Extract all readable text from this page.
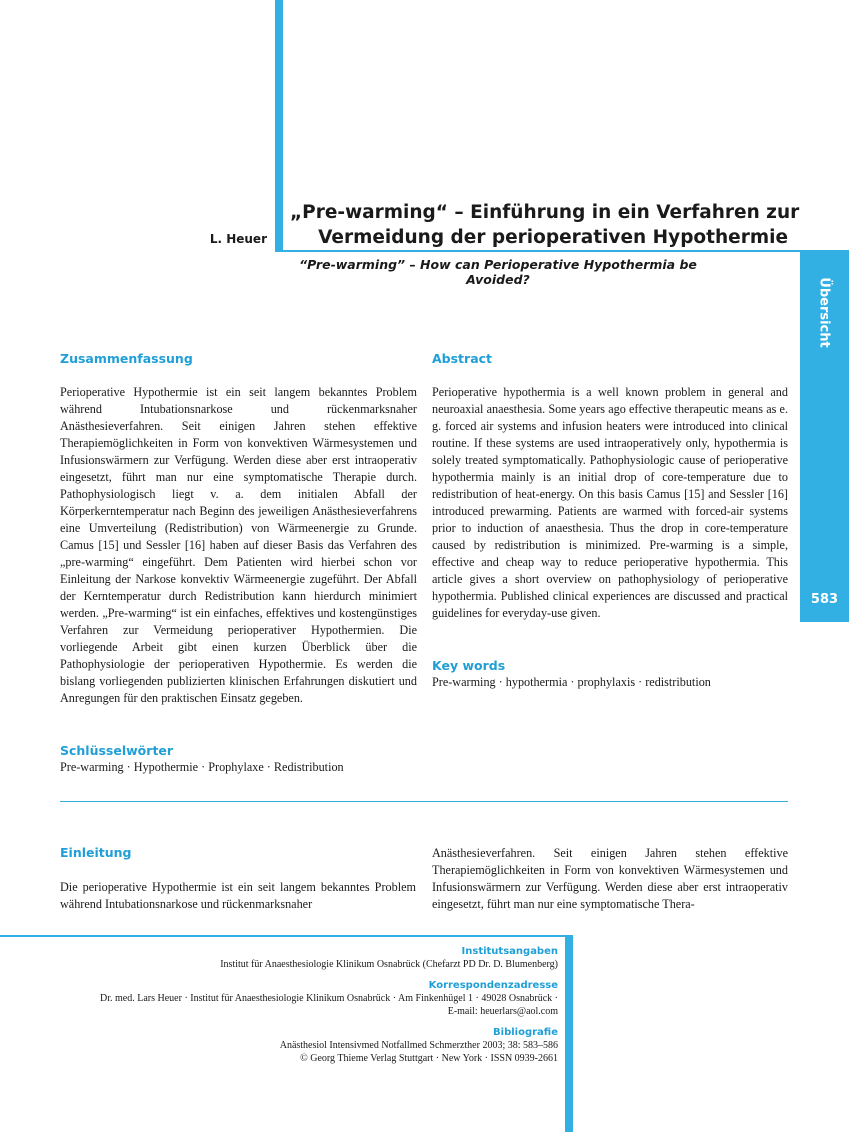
Übersicht
583
L. Heuer
„Pre-warming“ – Einführung in ein Verfahren zur
Vermeidung der perioperativen Hypothermie
“Pre-warming” – How can Perioperative Hypothermia be Avoided?
Zusammenfassung
Perioperative Hypothermie ist ein seit langem bekanntes Problem während Intubationsnarkose und rückenmarksnaher Anästhesieverfahren. Seit einigen Jahren stehen effektive Therapiemöglichkeiten in Form von konvektiven Wärmesystemen und Infusionswärmern zur Verfügung. Werden diese aber erst intraoperativ eingesetzt, führt man nur eine symptomatische Therapie durch. Pathophysiologisch liegt v. a. dem initialen Abfall der Körperkerntemperatur nach Beginn des jeweiligen Anästhesieverfahrens eine Umverteilung (Redistribution) von Wärmeenergie zu Grunde. Camus [15] und Sessler [16] haben auf dieser Basis das Verfahren des „pre-warming“ eingeführt. Dem Patienten wird hierbei schon vor Einleitung der Narkose konvektiv Wärmeenergie zugeführt. Der Abfall der Kerntemperatur durch Redistribution kann hierdurch minimiert werden. „Pre-warming“ ist ein einfaches, effektives und kostengünstiges Verfahren zur Vermeidung perioperativer Hypothermien. Die vorliegende Arbeit gibt einen kurzen Überblick über die Pathophysiologie der perioperativen Hypothermie. Es werden die bislang vorliegenden publizierten klinischen Erfahrungen diskutiert und Anregungen für den praktischen Einsatz gegeben.
Schlüsselwörter
Pre-warming · Hypothermie · Prophylaxe · Redistribution
Abstract
Perioperative hypothermia is a well known problem in general and neuroaxial anaesthesia. Some years ago effective therapeutic means as e. g. forced air systems and infusion heaters were introduced into clinical routine. If these systems are used intraoperatively only, hypothermia is solely treated symptomatically. Pathophysiologic cause of perioperative hypothermia mainly is an initial drop of core-temperature due to redistribution of heat-energy. On this basis Camus [15] and Sessler [16] introduced prewarming. Patients are warmed with forced-air systems prior to induction of anaesthesia. Thus the drop in core-temperature caused by redistribution is minimized. Pre-warming is a simple, effective and cheap way to reduce perioperative hypothermia. This article gives a short overview on pathophysiology of perioperative hypothermia. Published clinical experiences are discussed and practical guidelines for everyday-use given.
Key words
Pre-warming · hypothermia · prophylaxis · redistribution
Einleitung
Die perioperative Hypothermie ist ein seit langem bekanntes Problem während Intubationsnarkose und rückenmarksnaher
Anästhesieverfahren. Seit einigen Jahren stehen effektive Therapiemöglichkeiten in Form von konvektiven Wärmesystemen und Infusionswärmern zur Verfügung. Werden diese aber erst intraoperativ eingesetzt, führt man nur eine symptomatische Thera-
Institutsangaben
Institut für Anaesthesiologie Klinikum Osnabrück (Chefarzt PD Dr. D. Blumenberg)
Korrespondenzadresse
Dr. med. Lars Heuer · Institut für Anaesthesiologie Klinikum Osnabrück · Am Finkenhügel 1 · 49028 Osnabrück ·
E-mail: heuerlars@aol.com
Bibliografie
Anästhesiol Intensivmed Notfallmed Schmerzther 2003; 38: 583–586
© Georg Thieme Verlag Stuttgart · New York · ISSN 0939-2661
